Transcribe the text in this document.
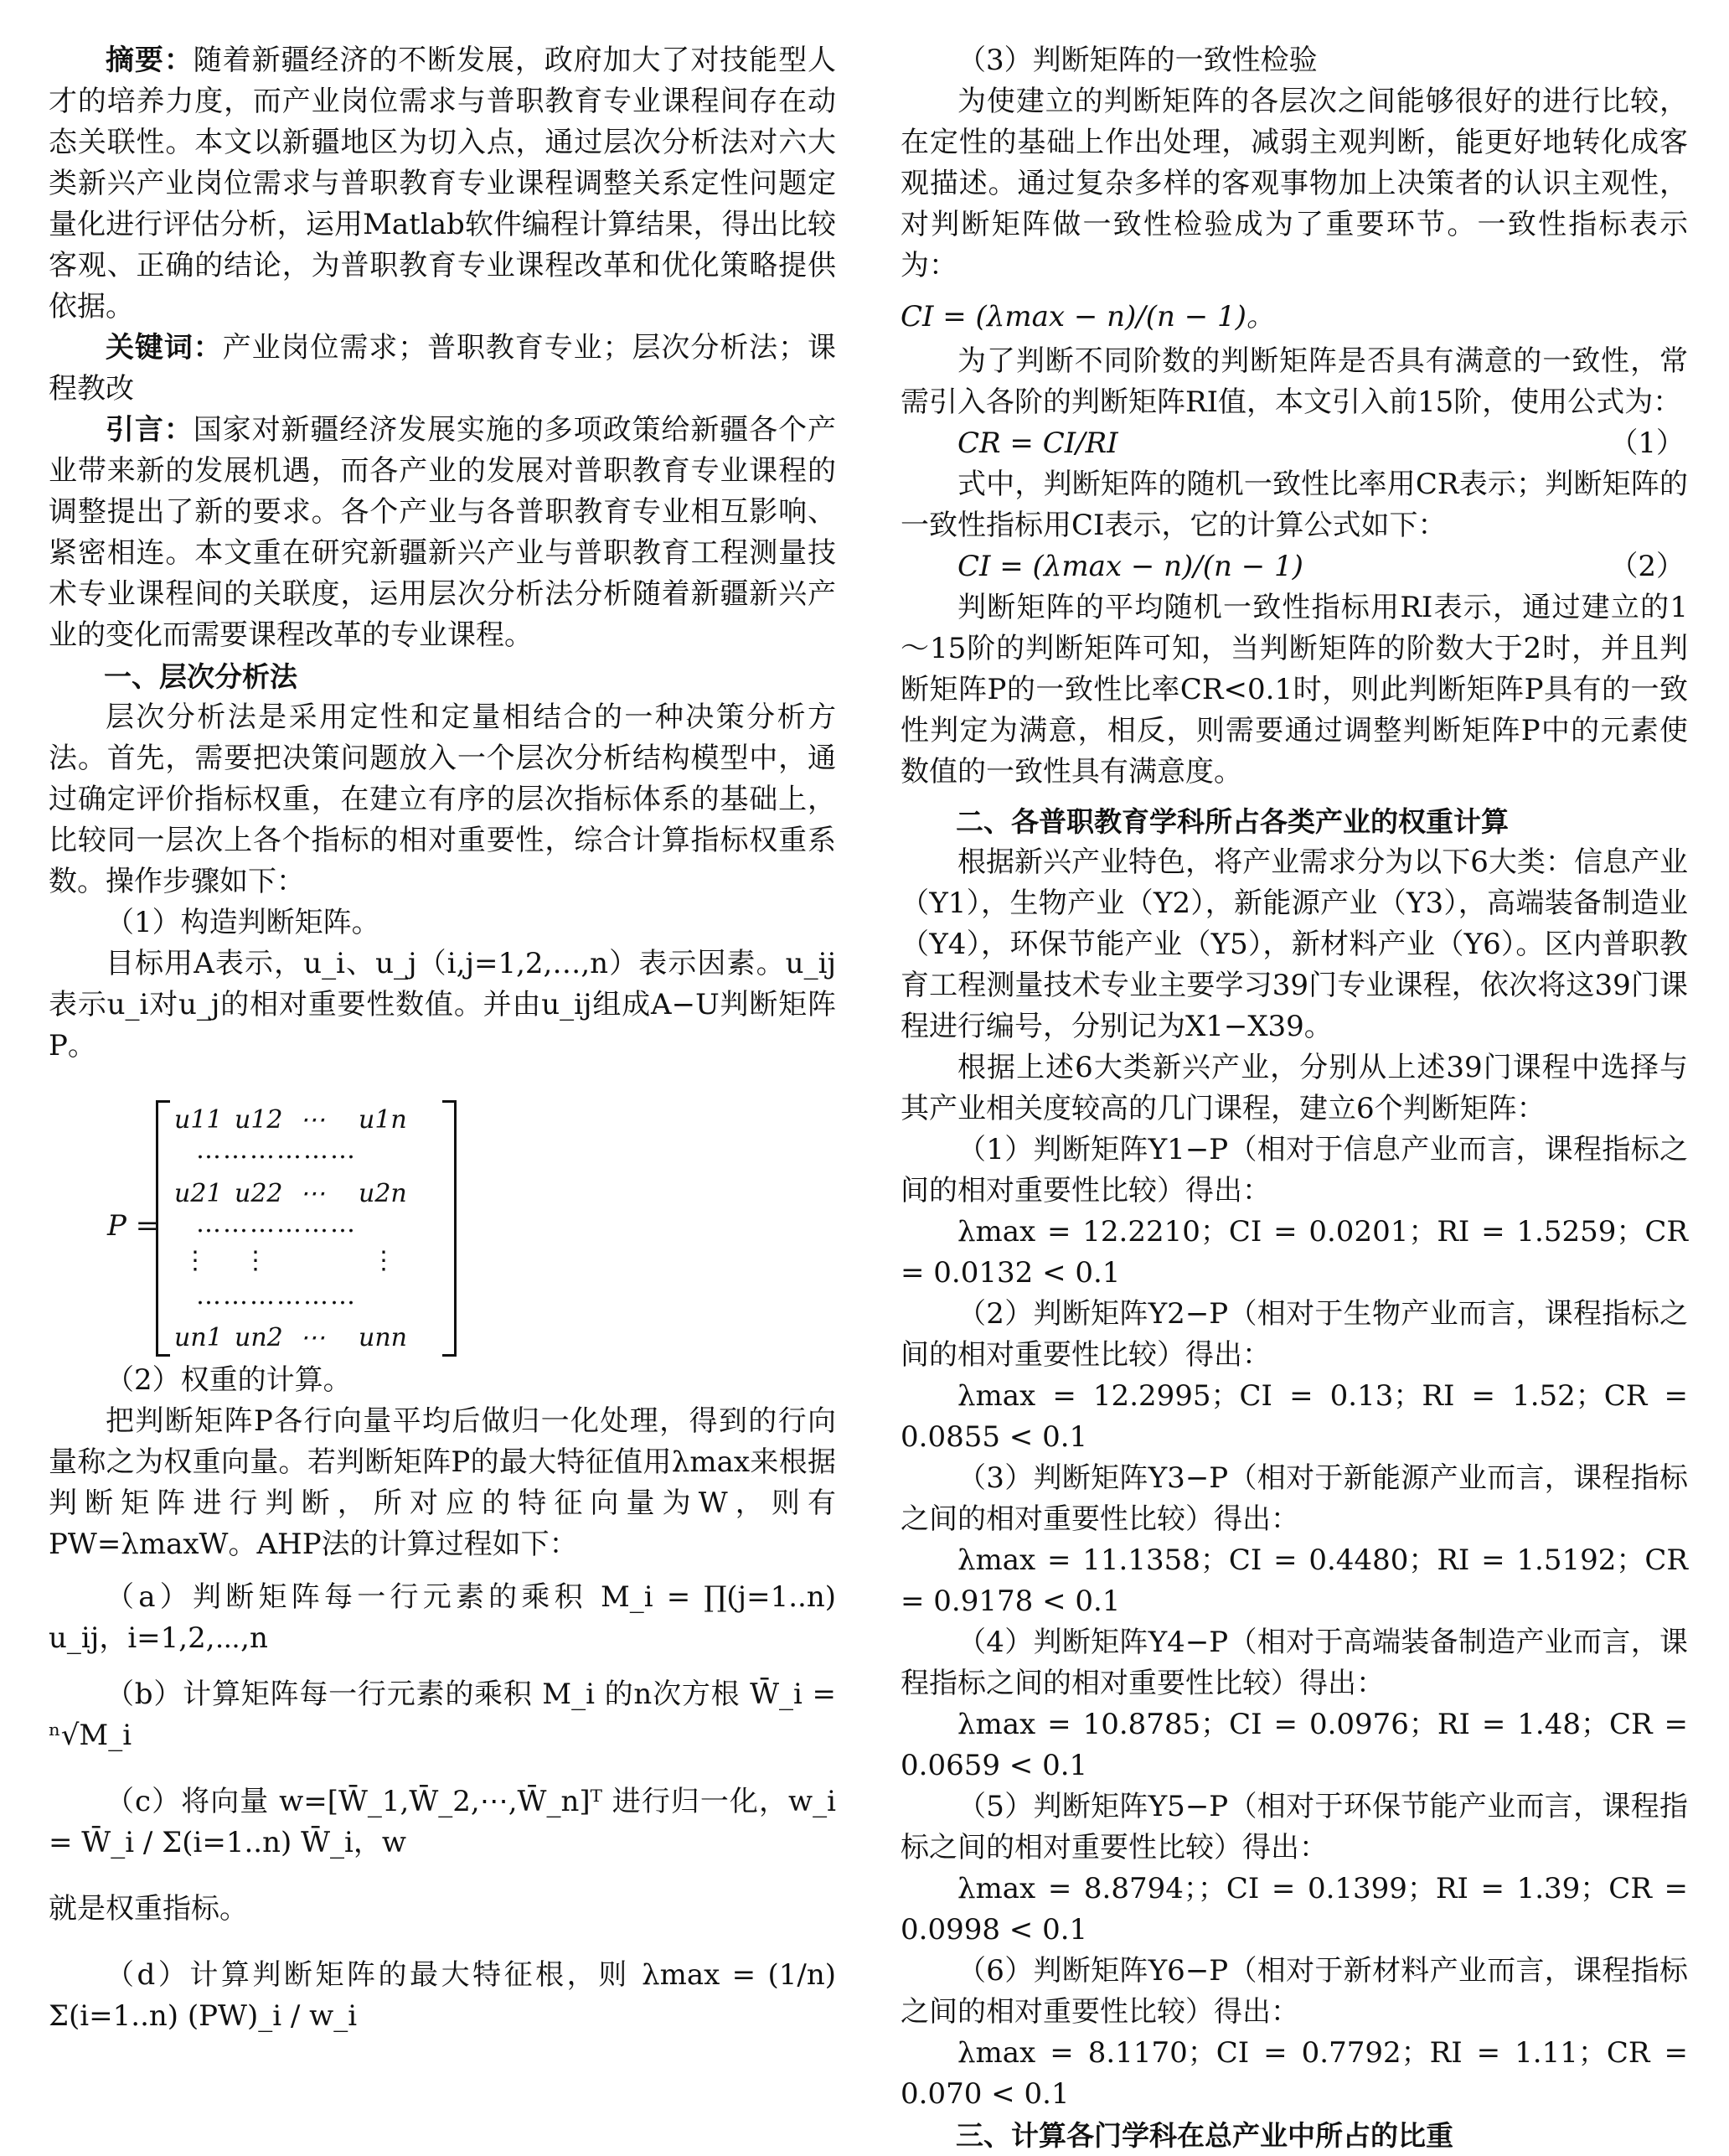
摘要：随着新疆经济的不断发展，政府加大了对技能型人才的培养力度，而产业岗位需求与普职教育专业课程间存在动态关联性。本文以新疆地区为切入点，通过层次分析法对六大类新兴产业岗位需求与普职教育专业课程调整关系定性问题定量化进行评估分析，运用Matlab软件编程计算结果，得出比较客观、正确的结论，为普职教育专业课程改革和优化策略提供依据。

关键词：产业岗位需求；普职教育专业；层次分析法；课程教改

引言：国家对新疆经济发展实施的多项政策给新疆各个产业带来新的发展机遇，而各产业的发展对普职教育专业课程的调整提出了新的要求。各个产业与各普职教育专业相互影响、紧密相连。本文重在研究新疆新兴产业与普职教育工程测量技术专业课程间的关联度，运用层次分析法分析随着新疆新兴产业的变化而需要课程改革的专业课程。

一、层次分析法

层次分析法是采用定性和定量相结合的一种决策分析方法。首先，需要把决策问题放入一个层次分析结构模型中，通过确定评价指标权重，在建立有序的层次指标体系的基础上，比较同一层次上各个指标的相对重要性，综合计算指标权重系数。操作步骤如下：

（1）构造判断矩阵。

目标用A表示，u_i、u_j（i,j=1,2,…,n）表示因素。u_ij表示u_i对u_j的相对重要性数值。并由u_ij组成A−U判断矩阵P。

P =
u11 u12 ⋯ u1n
………………
u21 u22 ⋯ u2n
………………
⋮ ⋮	⋮
………………
un1 un2 ⋯ unn

（2）权重的计算。

把判断矩阵P各行向量平均后做归一化处理，得到的行向量称之为权重向量。若判断矩阵P的最大特征值用λmax来根据判断矩阵进行判断，所对应的特征向量为W，则有PW=λmaxW。AHP法的计算过程如下：

（a）判断矩阵每一行元素的乘积 M_i = ∏(j=1..n) u_ij，i=1,2,⋯,n

（b）计算矩阵每一行元素的乘积 M_i 的n次方根 W̄_i = ⁿ√M_i

（c）将向量 w=[W̄_1,W̄_2,⋯,W̄_n]ᵀ 进行归一化，w_i = W̄_i / Σ(i=1..n) W̄_i，w

就是权重指标。

（d）计算判断矩阵的最大特征根，则 λmax = (1/n) Σ(i=1..n) (PW)_i / w_i

（3）判断矩阵的一致性检验

为使建立的判断矩阵的各层次之间能够很好的进行比较，在定性的基础上作出处理，减弱主观判断，能更好地转化成客观描述。通过复杂多样的客观事物加上决策者的认识主观性，对判断矩阵做一致性检验成为了重要环节。一致性指标表示为：

CI = (λmax − n)/(n − 1)。

为了判断不同阶数的判断矩阵是否具有满意的一致性，常需引入各阶的判断矩阵RI值，本文引入前15阶，使用公式为：

CR = CI/RI	（1）

式中，判断矩阵的随机一致性比率用CR表示；判断矩阵的一致性指标用CI表示，它的计算公式如下：

CI = (λmax − n)/(n − 1)	（2）

判断矩阵的平均随机一致性指标用RI表示，通过建立的1～15阶的判断矩阵可知，当判断矩阵的阶数大于2时，并且判断矩阵P的一致性比率CR<0.1时，则此判断矩阵P具有的一致性判定为满意，相反，则需要通过调整判断矩阵P中的元素使数值的一致性具有满意度。

二、各普职教育学科所占各类产业的权重计算

根据新兴产业特色，将产业需求分为以下6大类：信息产业（Y1），生物产业（Y2），新能源产业（Y3），高端装备制造业（Y4），环保节能产业（Y5），新材料产业（Y6）。区内普职教育工程测量技术专业主要学习39门专业课程，依次将这39门课程进行编号，分别记为X1−X39。

根据上述6大类新兴产业，分别从上述39门课程中选择与其产业相关度较高的几门课程，建立6个判断矩阵：

（1）判断矩阵Y1−P（相对于信息产业而言，课程指标之间的相对重要性比较）得出：

λmax = 12.2210；CI = 0.0201；RI = 1.5259；CR = 0.0132 < 0.1

（2）判断矩阵Y2−P（相对于生物产业而言，课程指标之间的相对重要性比较）得出：

λmax = 12.2995；CI = 0.13；RI = 1.52；CR = 0.0855 < 0.1

（3）判断矩阵Y3−P（相对于新能源产业而言，课程指标之间的相对重要性比较）得出：

λmax = 11.1358；CI = 0.4480；RI = 1.5192；CR = 0.9178 < 0.1

（4）判断矩阵Y4−P（相对于高端装备制造产业而言，课程指标之间的相对重要性比较）得出：

λmax = 10.8785；CI = 0.0976；RI = 1.48；CR = 0.0659 < 0.1

（5）判断矩阵Y5−P（相对于环保节能产业而言，课程指标之间的相对重要性比较）得出：

λmax = 8.8794；；CI = 0.1399；RI = 1.39；CR = 0.0998 < 0.1

（6）判断矩阵Y6−P（相对于新材料产业而言，课程指标之间的相对重要性比较）得出：

λmax = 8.1170；CI = 0.7792；RI = 1.11；CR = 0.070 < 0.1

三、计算各门学科在总产业中所占的比重
